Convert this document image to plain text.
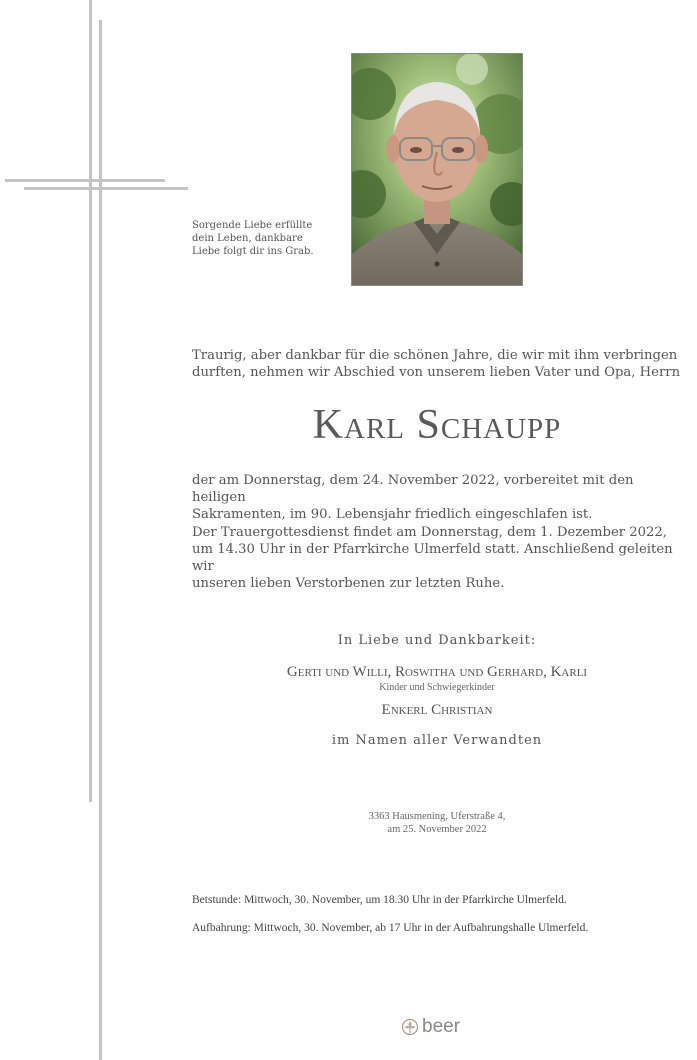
Sorgende Liebe erfüllte
dein Leben, dankbare
Liebe folgt dir ins Grab.
Traurig, aber dankbar für die schönen Jahre, die wir mit ihm verbringen
durften, nehmen wir Abschied von unserem lieben Vater und Opa, Herrn
Karl Schaupp
der am Donnerstag, dem 24. November 2022, vorbereitet mit den heiligen
Sakramenten, im 90. Lebensjahr friedlich eingeschlafen ist.
Der Trauergottesdienst findet am Donnerstag, dem 1. Dezember 2022,
um 14.30 Uhr in der Pfarrkirche Ulmerfeld statt. Anschließend geleiten wir
unseren lieben Verstorbenen zur letzten Ruhe.
In Liebe und Dankbarkeit:
Gerti und Willi, Roswitha und Gerhard, Karli
Kinder und Schwiegerkinder
Enkerl Christian
im Namen aller Verwandten
3363 Hausmening, Uferstraße 4,
am 25. November 2022
Betstunde: Mittwoch, 30. November, um 18.30 Uhr in der Pfarrkirche Ulmerfeld.
Aufbahrung: Mittwoch, 30. November, ab 17 Uhr in der Aufbahrungshalle Ulmerfeld.
beer
